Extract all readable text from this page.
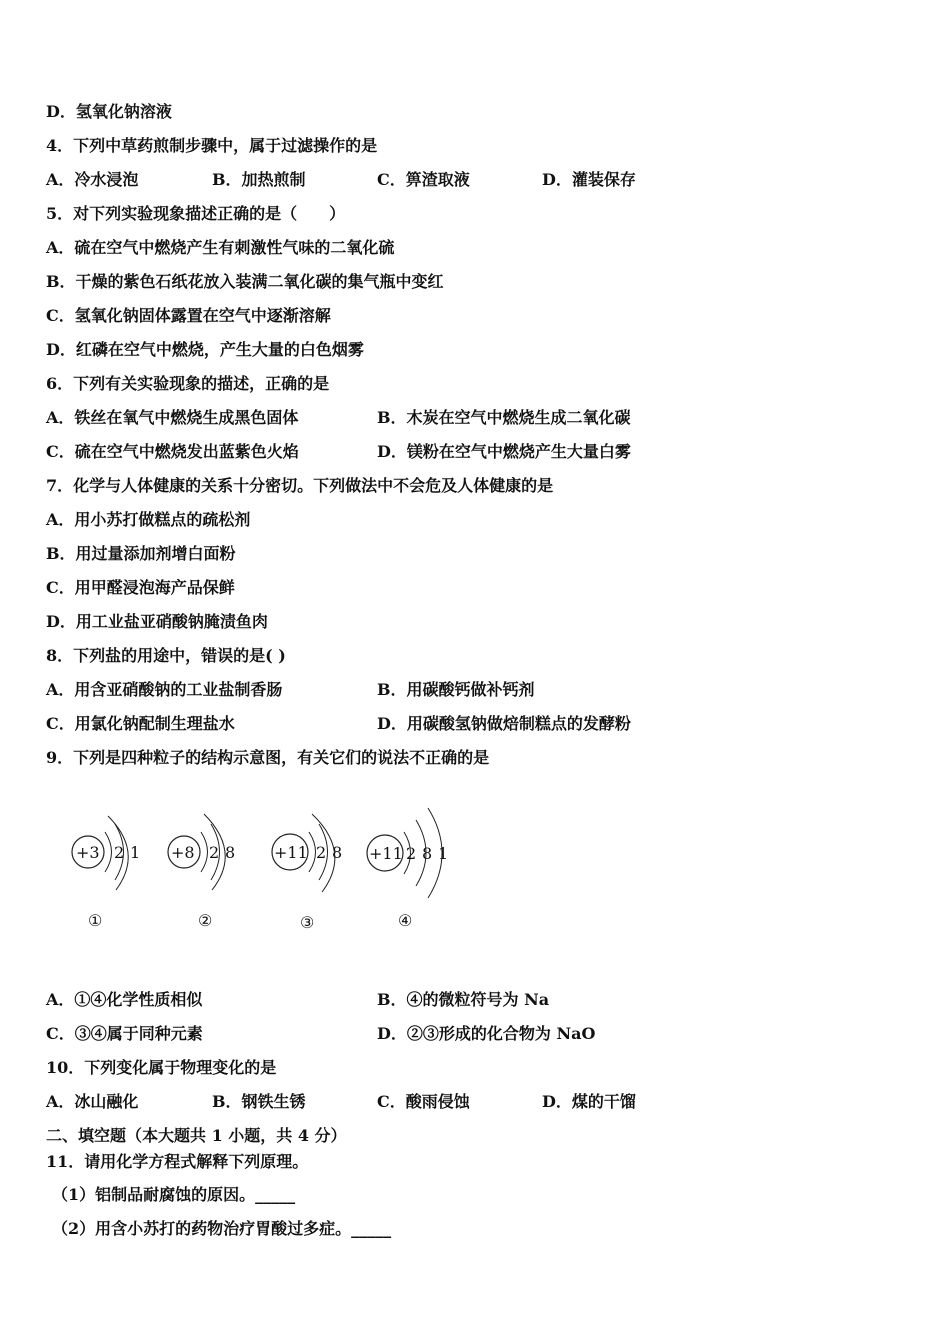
D．氢氧化钠溶液
4．下列中草药煎制步骤中，属于过滤操作的是
A．冷水浸泡	B．加热煎制	C．箅渣取液	D．灌装保存
5．对下列实验现象描述正确的是（　　）
A．硫在空气中燃烧产生有刺激性气味的二氧化硫
B．干燥的紫色石纸花放入装满二氧化碳的集气瓶中变红
C．氢氧化钠固体露置在空气中逐渐溶解
D．红磷在空气中燃烧，产生大量的白色烟雾
6．下列有关实验现象的描述，正确的是
A．铁丝在氧气中燃烧生成黑色固体	B．木炭在空气中燃烧生成二氧化碳
C．硫在空气中燃烧发出蓝紫色火焰	D．镁粉在空气中燃烧产生大量白雾
7．化学与人体健康的关系十分密切。下列做法中不会危及人体健康的是
A．用小苏打做糕点的疏松剂
B．用过量添加剂增白面粉
C．用甲醛浸泡海产品保鲜
D．用工业盐亚硝酸钠腌渍鱼肉
8．下列盐的用途中，错误的是( )
A．用含亚硝酸钠的工业盐制香肠	B．用碳酸钙做补钙剂
C．用氯化钠配制生理盐水	D．用碳酸氢钠做焙制糕点的发酵粉
9．下列是四种粒子的结构示意图，有关它们的说法不正确的是
+3 2 1
①
+8 2 8
②
+11 2 8
③
+11 2 8 1
④
A．①④化学性质相似	B．④的微粒符号为 Na
C．③④属于同种元素	D．②③形成的化合物为 NaO
10．下列变化属于物理变化的是
A．冰山融化	B．钢铁生锈	C．酸雨侵蚀	D．煤的干馏
二、填空题（本大题共 1 小题，共 4 分）
11．请用化学方程式解释下列原理。
（1）铝制品耐腐蚀的原因。_____
（2）用含小苏打的药物治疗胃酸过多症。_____
